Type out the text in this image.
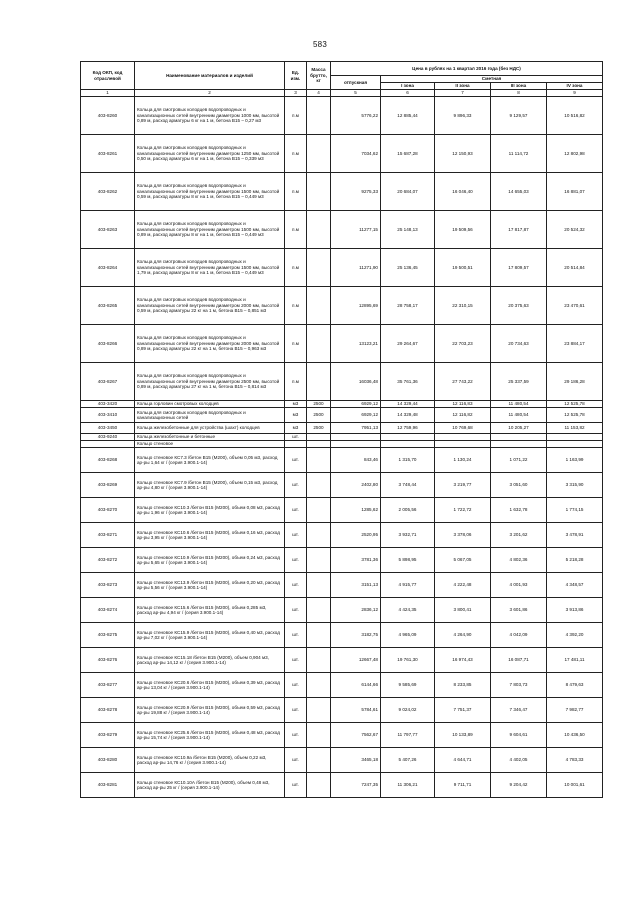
583
Код ОКП, код отраслевой	Наименование материалов и изделий	Ед. изм.	Масса брутто, кг	Цена в рублях на 1 квартал 2016 года (без НДС)				
				отпускная	Сметная			
					I зона	II зона	III зона	IV зона
1	2	3	4	5	6	7	8	9
403-8260	Кольца для смотровых колодцев водопроводных и канализационных сетей внутренним диаметром 1000 мм, высотой 0,89 м, расход арматуры 6 кг на 1 м, бетона В15 – 0,27 м3	п.м		5776,22	12 885,44	9 896,33	9 129,57	10 516,82
403-8261	Кольца для смотровых колодцев водопроводных и канализационных сетей внутренним диаметром 1250 мм, высотой 0,50 м, расход арматуры 6 кг на 1 м, бетона В15 – 0,339 м3	п.м		7034,62	15 687,28	12 150,93	11 114,72	12 802,98
403-8262	Кольца для смотровых колодцев водопроводных и канализационных сетей внутренним диаметром 1500 мм, высотой 0,59 м, расход арматуры 8 кг на 1 м, бетона В15 – 0,449 м3	п.м		9275,33	20 684,07	16 046,40	14 655,03	16 881,07
403-8263	Кольца для смотровых колодцев водопроводных и канализационных сетей внутренним диаметром 1500 мм, высотой 0,89 м, расход арматуры 8 кг на 1 м, бетона В15 – 0,449 м3	п.м		11277,15	25 148,13	19 509,56	17 817,87	20 524,32
403-8264	Кольца для смотровых колодцев водопроводных и канализационных сетей внутренним диаметром 1500 мм, высотой 1,79 м, расход арматуры 8 кг на 1 м, бетона В15 – 0,449 м3	п.м		11271,90	25 136,45	19 500,51	17 809,57	20 514,84
403-8265	Кольца для смотровых колодцев водопроводных и канализационных сетей внутренним диаметром 2000 мм, высотой 0,59 м, расход арматуры 22 кг на 1 м, бетона В15 – 0,851 м3	п.м		12895,69	28 758,17	22 310,15	20 375,63	23 470,61
403-8266	Кольца для смотровых колодцев водопроводных и канализационных сетей внутренним диаметром 2000 мм, высотой 0,89 м, расход арматуры 22 кг на 1 м, бетона В15 – 0,963 м3	п.м		13123,21	29 264,67	22 703,23	20 734,63	23 884,17
403-8267	Кольца для смотровых колодцев водопроводных и канализационных сетей внутренним диаметром 2500 мм, высотой 0,89 м, расход арматуры 27 кг на 1 м, бетона В15 – 0,814 м3	п.м		16036,48	35 761,36	27 743,22	25 337,59	29 186,28
403-3420	Кольца горловин смотровых колодцев	м3	2500	6929,12	14 329,44	12 116,83	11 480,54	12 525,78
403-3410	Кольца для смотровых колодцев водопроводных и канализационных сетей	м3	2500	6929,12	14 329,48	12 116,82	11 480,54	12 525,78
403-3450	Кольца железобетонные для устройства (шахт) колодцев	м3	2500	7951,13	12 759,96	10 769,68	10 205,27	11 153,82
403-9240	Кольца железобетонные и бетонные	шт.						
	Кольцо стеновое							
403-8268	Кольцо стеновое КС7.3 /бетон В15 (М200), объем 0,05 м3, расход ар-ры 1,64 кг / (серия 3.900.1-14)	шт.		843,46	1 315,70	1 130,24	1 071,22	1 163,99
403-8269	Кольцо стеновое КС7.9 /бетон В15 (М200), объем 0,15 м3, расход ар-ры 4,80 кг / (серия 3.900.1-14)	шт.		2402,80	3 748,44	3 219,77	3 051,60	3 315,90
403-8270	Кольцо стеновое КС10.3 /бетон В15 (М200), объем 0,08 м3, расход ар-ры 1,96 кг / (серия 3.900.1-14)	шт.		1285,62	2 005,56	1 722,72	1 632,78	1 774,15
403-8271	Кольцо стеновое КС10.6 /бетон В15 (М200), объем 0,16 м3, расход ар-ры 3,95 кг / (серия 3.900.1-14)	шт.		2520,95	3 932,71	3 378,06	3 201,62	3 478,91
403-8272	Кольцо стеновое КС10.9 /бетон В15 (М200), объем 0,24 м3, расход ар-ры 5,65 кг / (серия 3.900.1-14)	шт.		3781,36	5 898,95	5 067,05	4 802,36	5 218,28
403-8273	Кольцо стеновое КС13.9 /бетон В15 (М200), объем 0,20 м3, расход ар-ры 5,56 кг / (серия 3.900.1-14)	шт.		3151,13	4 915,77	4 222,48	4 001,93	4 348,57
403-8274	Кольцо стеновое КС15.6 /бетон В15 (М200), объем 0,285 м3, расход ар-ры 4,94 кг / (серия 3.900.1-14)	шт.		2836,12	4 424,35	3 800,41	3 601,86	3 913,86
403-8275	Кольцо стеновое КС15.9 /бетон В15 (М200), объем 0,40 м3, расход ар-ры 7,02 кг / (серия 3.900.1-14)	шт.		3182,75	4 965,09	4 264,90	4 042,09	4 392,20
403-8276	Кольцо стеновое КС15.18 /бетон В15 (М200), объем 0,904 м3, расход ар-ры 14,12 кг / (серия 3.900.1-14)	шт.		12667,48	19 761,30	16 974,43	16 087,71	17 481,11
403-8277	Кольцо стеновое КС20.6 /бетон В15 (М200), объем 0,39 м3, расход ар-ры 13,04 кг / (серия 3.900.1-14)	шт.		6144,66	9 585,69	8 233,85	7 803,73	8 479,63
403-8278	Кольцо стеновое КС20.9 /бетон В15 (М200), объем 0,59 м3, расход ар-ры 19,88 кг / (серия 3.900.1-14)	шт.		5784,61	9 024,02	7 751,37	7 346,47	7 982,77
403-8279	Кольцо стеновое КС25.6 /бетон В15 (М200), объем 0,48 м3, расход ар-ры 15,74 кг / (серия 3.900.1-14)	шт.		7562,67	11 797,77	10 133,89	9 604,61	10 436,50
403-8280	Кольцо стеновое КС10.9а /бетон В15 (М200), объем 0,22 м3, расход ар-ры 14,76 кг / (серия 3.900.1-14)	шт.		3465,18	5 407,26	4 644,71	4 402,05	4 783,33
403-8281	Кольцо стеновое КС10.10А /бетон В15 (М200), объем 0,48 м3, расход ар-ры 25 кг / (серия 3.900.1-14)	шт.		7247,35	11 306,21	9 711,71	9 204,42	10 001,61
